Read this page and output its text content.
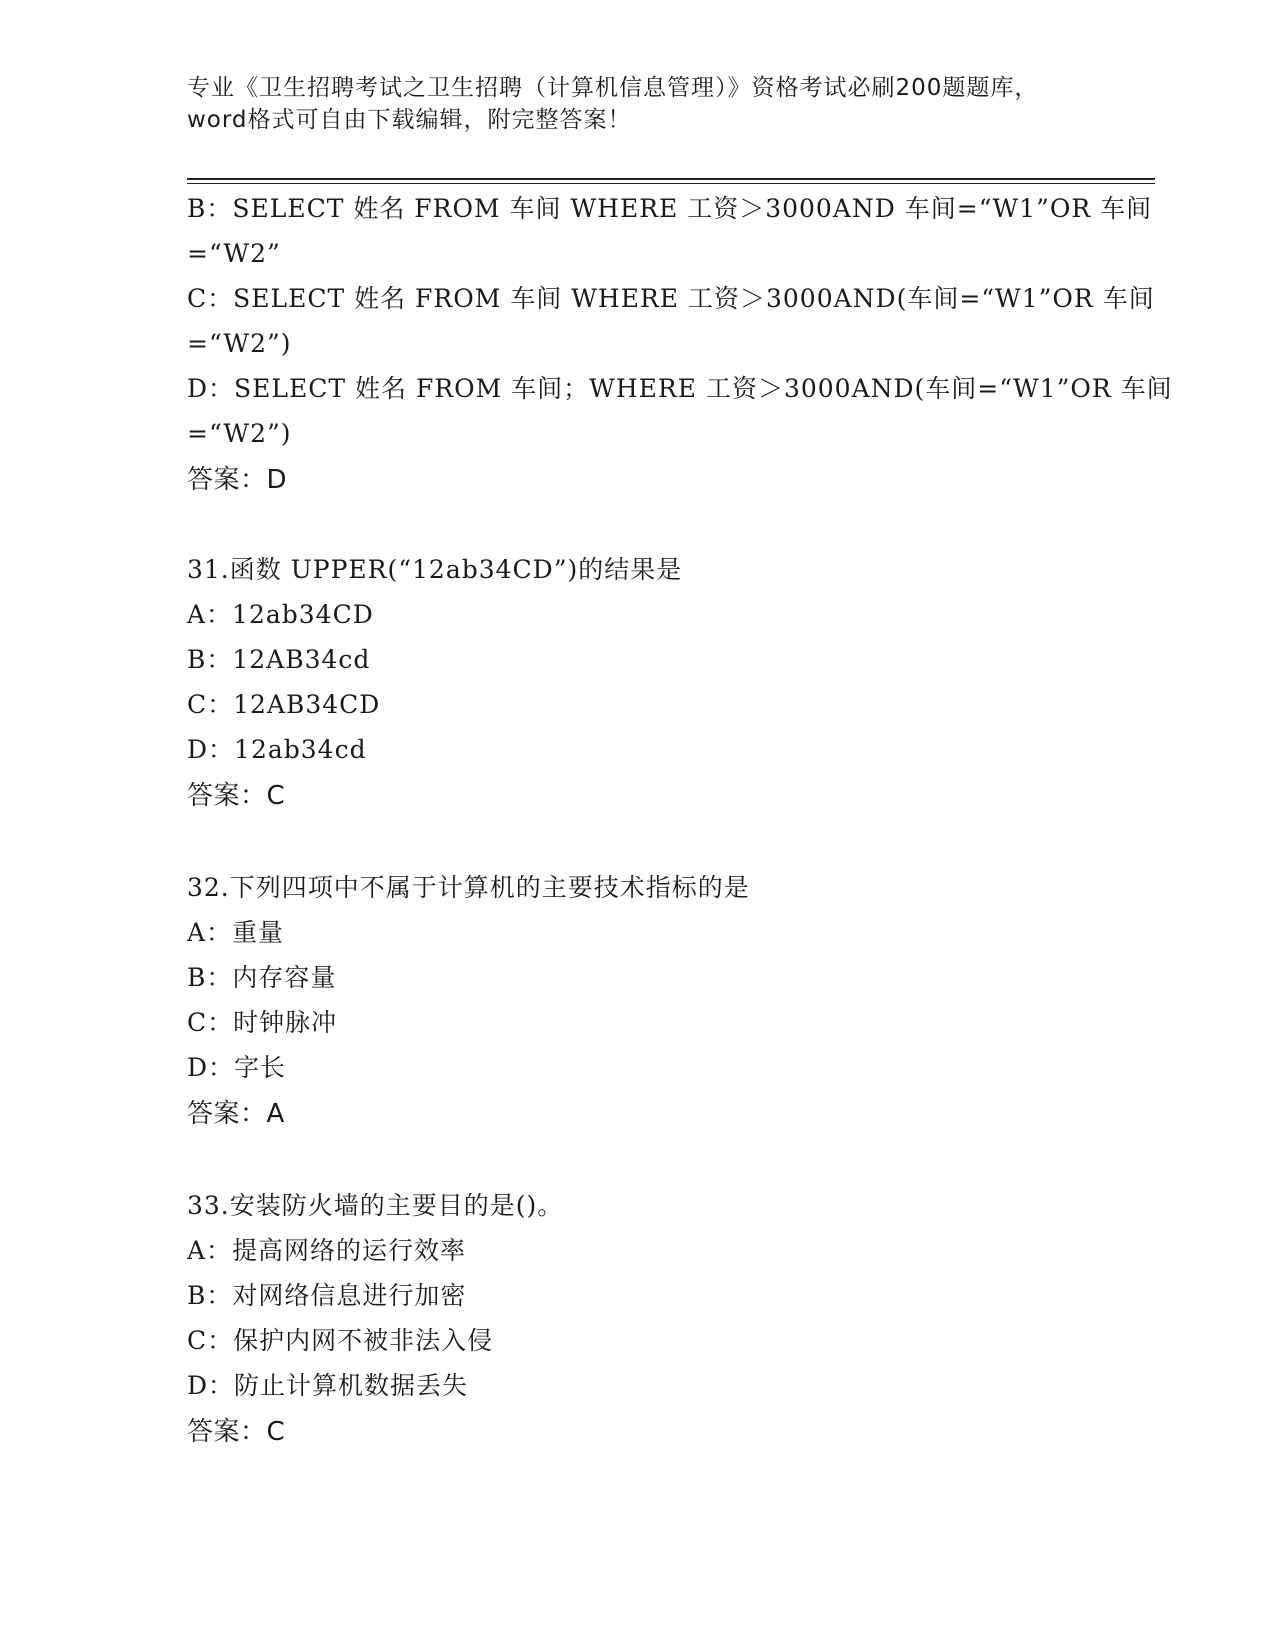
专业《卫生招聘考试之卫生招聘（计算机信息管理）》资格考试必刷200题题库，
word格式可自由下载编辑，附完整答案！
B：SELECT 姓名 FROM 车间 WHERE 工资＞3000AND 车间=“W1”OR 车间
=“W2”
C：SELECT 姓名 FROM 车间 WHERE 工资＞3000AND(车间=“W1”OR 车间
=“W2”)
D：SELECT 姓名 FROM 车间；WHERE 工资＞3000AND(车间=“W1”OR 车间
=“W2”)
答案：D
31.函数 UPPER(“12ab34CD”)的结果是
A：12ab34CD
B：12AB34cd
C：12AB34CD
D：12ab34cd
答案：C
32.下列四项中不属于计算机的主要技术指标的是
A：重量
B：内存容量
C：时钟脉冲
D：字长
答案：A
33.安装防火墙的主要目的是()。
A：提高网络的运行效率
B：对网络信息进行加密
C：保护内网不被非法入侵
D：防止计算机数据丢失
答案：C
